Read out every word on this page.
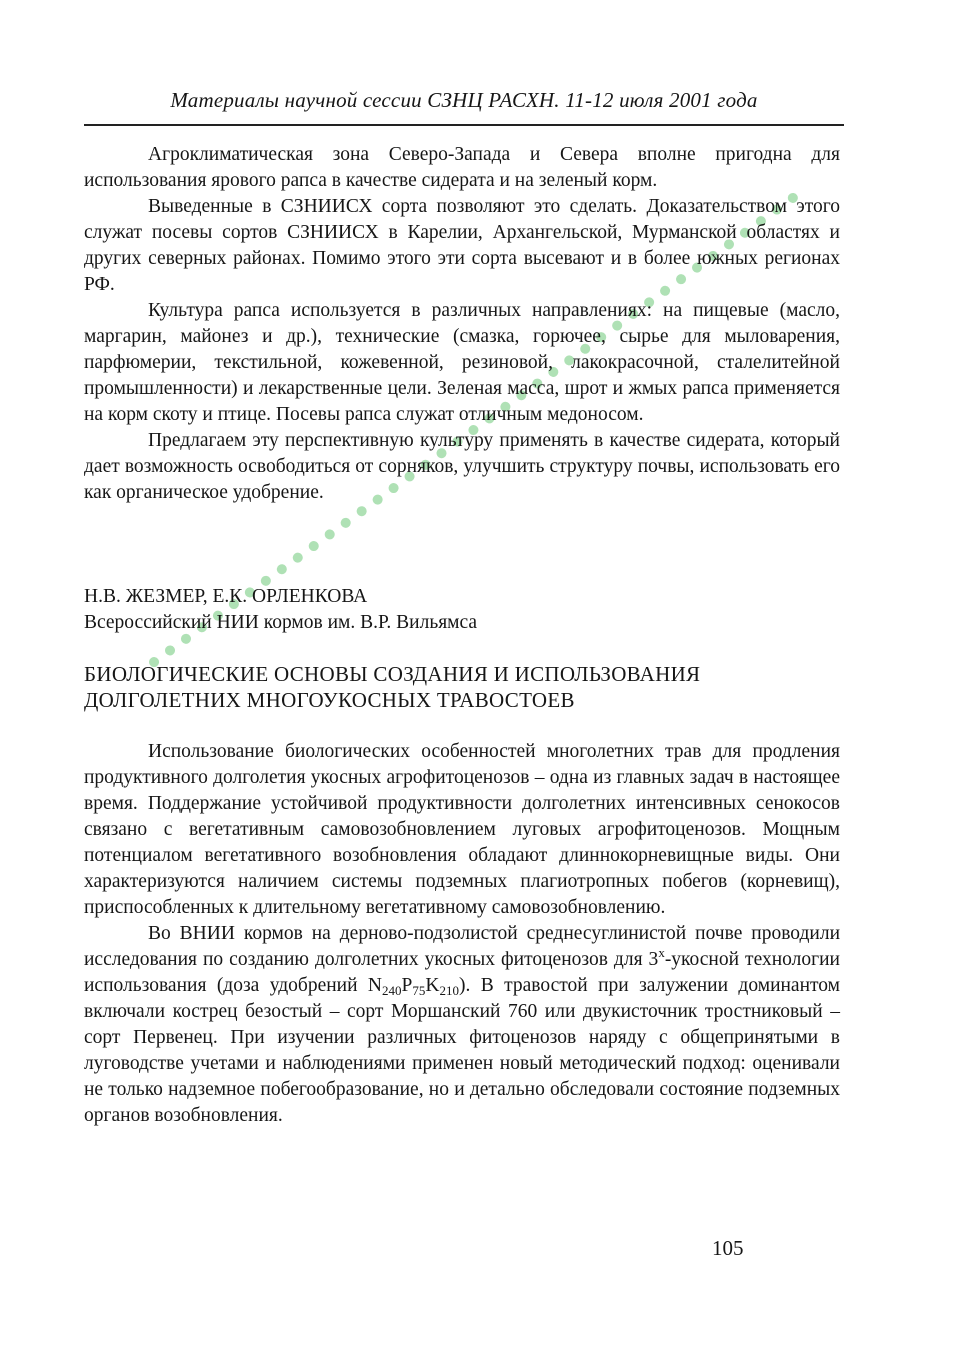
Материалы научной сессии СЗНЦ РАСХН. 11-12 июля 2001 года

Агроклиматическая зона Северо-Запада и Севера вполне пригодна для использования ярового рапса в качестве сидерата и на зеленый корм.

Выведенные в СЗНИИСХ сорта позволяют это сделать. Доказательством этого служат посевы сортов СЗНИИСХ в Карелии, Архангельской, Мурманской областях и других северных районах. Помимо этого эти сорта высевают и в более южных регионах РФ.

Культура рапса используется в различных направлениях: на пищевые (масло, маргарин, майонез и др.), технические (смазка, горючее, сырье для мыловарения, парфюмерии, текстильной, кожевенной, резиновой, лакокрасочной, сталелитейной промышленности) и лекарственные цели. Зеленая масса, шрот и жмых рапса применяется на корм скоту и птице. Посевы рапса служат отличным медоносом.

Предлагаем эту перспективную культуру применять в качестве сидерата, который дает возможность освободиться от сорняков, улучшить структуру почвы, использовать его как органическое удобрение.

Н.В. ЖЕЗМЕР, Е.К. ОРЛЕНКОВА
Всероссийский НИИ кормов им. В.Р. Вильямса
БИОЛОГИЧЕСКИЕ ОСНОВЫ СОЗДАНИЯ И ИСПОЛЬЗОВАНИЯ
ДОЛГОЛЕТНИХ МНОГОУКОСНЫХ ТРАВОСТОЕВ

Использование биологических особенностей многолетних трав для продления продуктивного долголетия укосных агрофитоценозов – одна из главных задач в настоящее время. Поддержание устойчивой продуктивности долголетних интенсивных сенокосов связано с вегетативным самовозобновлением луговых агрофитоценозов. Мощным потенциалом вегетативного возобновления обладают длиннокорневищные виды. Они характеризуются наличием системы подземных плагиотропных побегов (корневищ), приспособленных к длительному вегетативному самовозобновлению.

Во ВНИИ кормов на дерново-подзолистой среднесуглинистой почве проводили исследования по созданию долголетних укосных фитоценозов для $3^х$-укосной технологии использования (доза удобрений $N_{240}P_{75}K_{210}$). В травостой при залужении доминантом включали кострец безостый – сорт Моршанский 760 или двукисточник тростниковый – сорт Первенец. При изучении различных фитоценозов наряду с общепринятыми в луговодстве учетами и наблюдениями применен новый методический подход: оценивали не только надземное побегообразование, но и детально обследовали состояние подземных органов возобновления.

105
